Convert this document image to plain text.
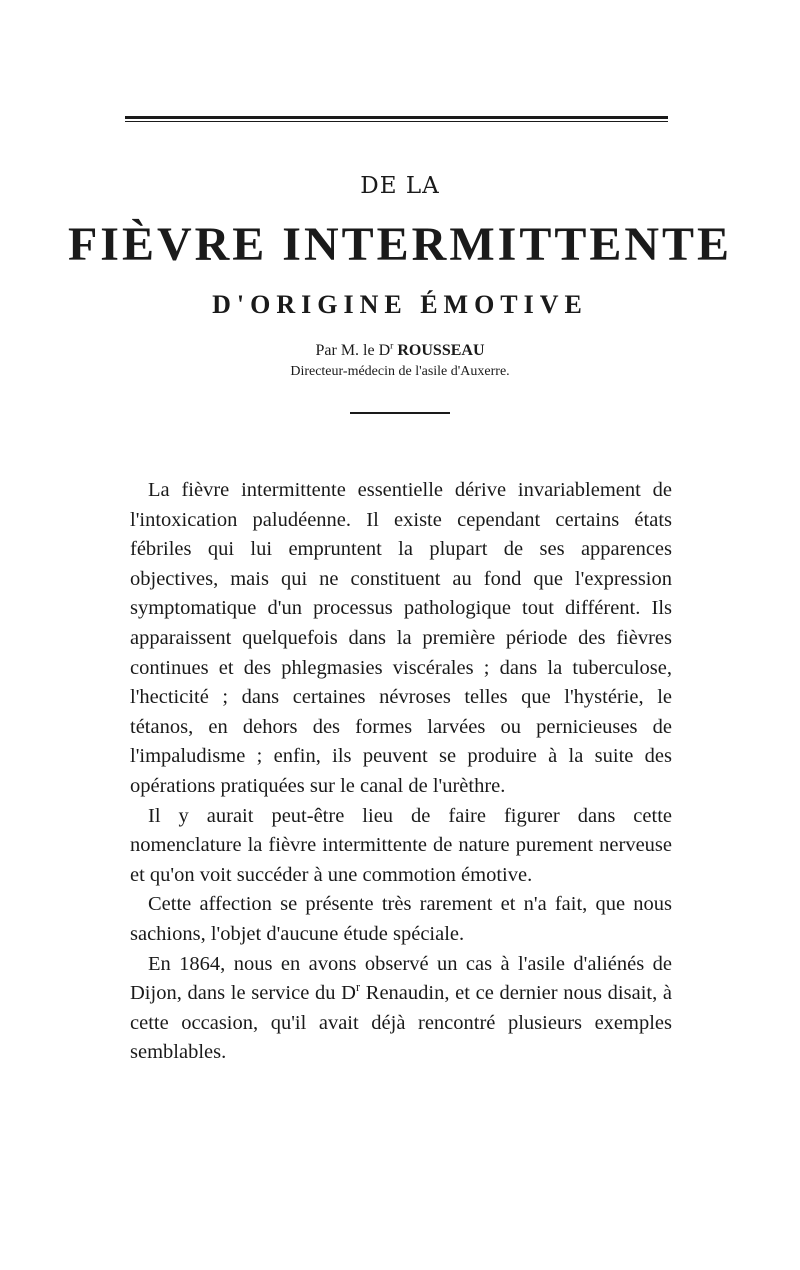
DE LA

FIÈVRE INTERMITTENTE

D'ORIGINE ÉMOTIVE

Par M. le $D^r$ ROUSSEAU

Directeur-médecin de l'asile d'Auxerre.

La fièvre intermittente essentielle dérive invariablement de l'intoxication paludéenne. Il existe cependant certains états fébriles qui lui empruntent la plupart de ses apparences objectives, mais qui ne constituent au fond que l'expression symptomatique d'un processus pathologique tout différent. Ils apparaissent quelquefois dans la première période des fièvres continues et des phlegmasies viscérales ; dans la tuberculose, l'hecticité ; dans certaines névroses telles que l'hystérie, le tétanos, en dehors des formes larvées ou pernicieuses de l'impaludisme ; enfin, ils peuvent se produire à la suite des opérations pratiquées sur le canal de l'urèthre.

Il y aurait peut-être lieu de faire figurer dans cette nomenclature la fièvre intermittente de nature purement nerveuse et qu'on voit succéder à une commotion émotive.

Cette affection se présente très rarement et n'a fait, que nous sachions, l'objet d'aucune étude spéciale.

En 1864, nous en avons observé un cas à l'asile d'aliénés de Dijon, dans le service du $D^r$ Renaudin, et ce dernier nous disait, à cette occasion, qu'il avait déjà rencontré plusieurs exemples semblables.
